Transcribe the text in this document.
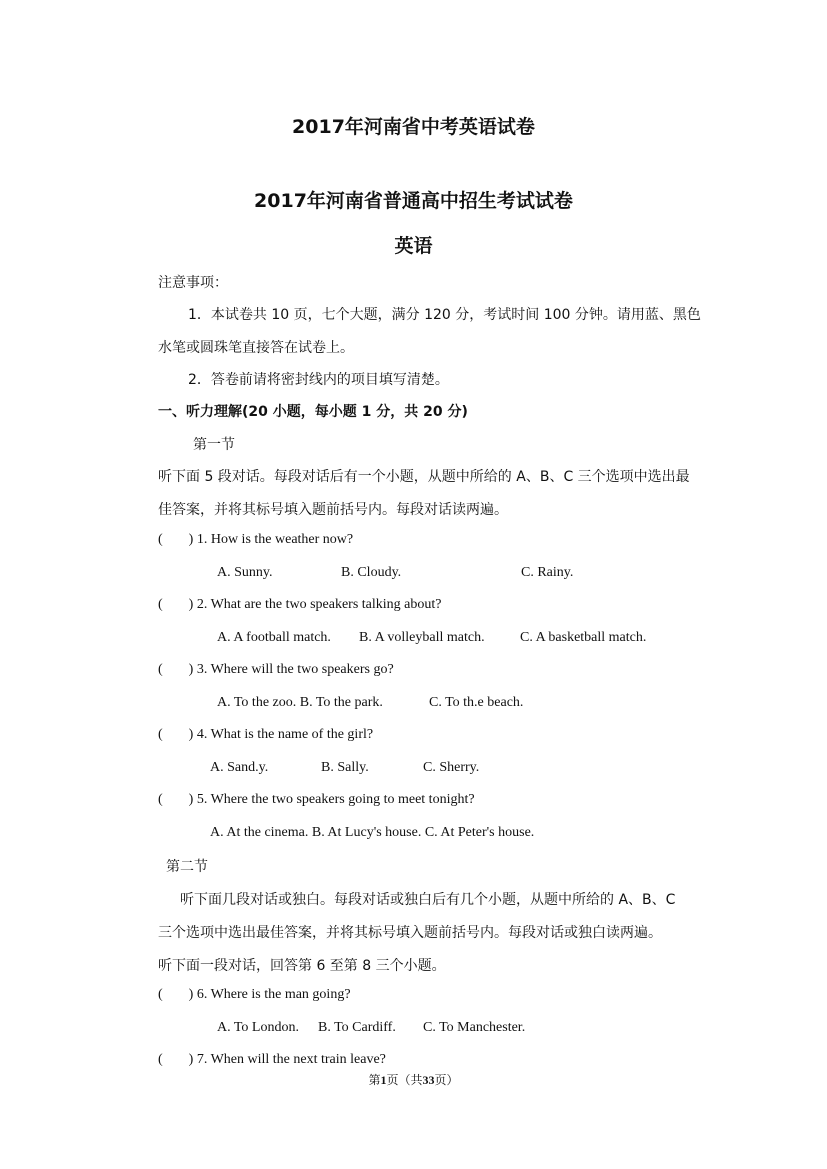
2017年河南省中考英语试卷
2017年河南省普通高中招生考试试卷
英语
注意事项：
1．本试卷共 10 页，七个大题，满分 120 分，考试时间 100 分钟。请用蓝、黑色
水笔或圆珠笔直接答在试卷上。
2．答卷前请将密封线内的项目填写清楚。
一、听力理解(20 小题，每小题 1 分，共 20 分)
第一节
听下面 5 段对话。每段对话后有一个小题，从题中所给的 A、B、C 三个选项中选出最
佳答案，并将其标号填入题前括号内。每段对话读两遍。
( ) 1. How is the weather now?
A. Sunny.	B. Cloudy.	C. Rainy.
( ) 2. What are the two speakers talking about?
A. A football match. B. A volleyball match.	C. A basketball match.
( ) 3. Where will the two speakers go?
A. To the zoo. B. To the park.	C. To th.e beach.
( ) 4. What is the name of the girl?
A. Sand.y.	B. Sally.	C. Sherry.
( ) 5. Where the two speakers going to meet tonight?
A. At the cinema. B. At Lucy's house. C. At Peter's house.
第二节
听下面几段对话或独白。每段对话或独白后有几个小题，从题中所给的 A、B、C
三个选项中选出最佳答案，并将其标号填入题前括号内。每段对话或独白读两遍。
听下面一段对话，回答第 6 至第 8 三个小题。
( ) 6. Where is the man going?
A. To London. B. To Cardiff. C. To Manchester.
( ) 7. When will the next train leave?
第1页（共33页）
